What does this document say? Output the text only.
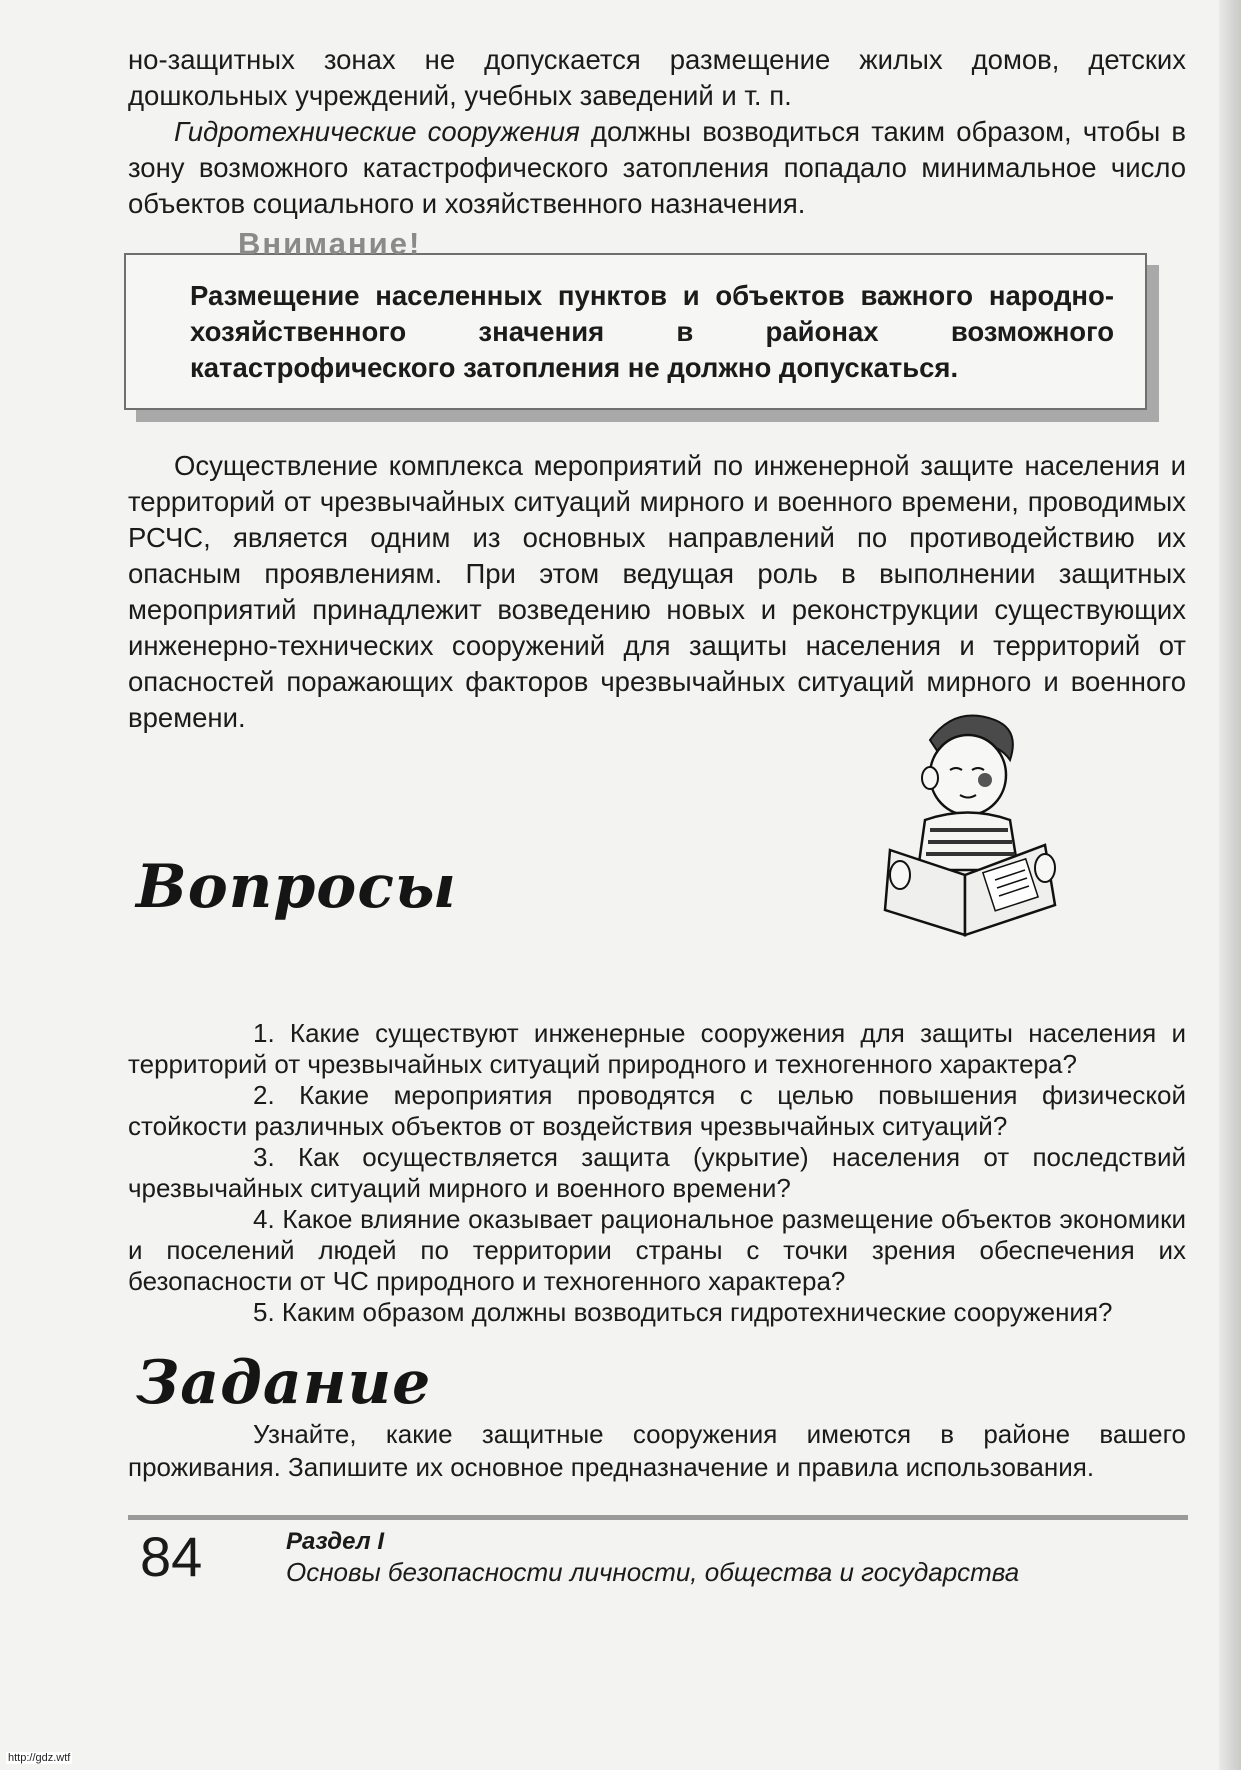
но-защитных зонах не допускается размещение жилых домов, детских дошкольных учреждений, учебных заведений и т. п.

Гидротехнические сооружения должны возводиться таким образом, чтобы в зону возможного катастрофического затопления попадало минимальное число объектов социального и хозяйственного назначения.

Внимание!

Размещение населенных пунктов и объектов важного народно-хозяйственного значения в районах возможного катастрофического затопления не должно допускаться.

Осуществление комплекса мероприятий по инженерной защите населения и территорий от чрезвычайных ситуаций мирного и военного времени, проводимых РСЧС, является одним из основных направлений по противодействию их опасным проявлениям. При этом ведущая роль в выполнении защитных мероприятий принадлежит возведению новых и реконструкции существующих инженерно-технических сооружений для защиты населения и территорий от опасностей поражающих факторов чрезвычайных ситуаций мирного и военного времени.

Вопросы
1. Какие существуют инженерные сооружения для защиты населения и территорий от чрезвычайных ситуаций природного и техногенного характера?
2. Какие мероприятия проводятся с целью повышения физической стойкости различных объектов от воздействия чрезвычайных ситуаций?
3. Как осуществляется защита (укрытие) населения от последствий чрезвычайных ситуаций мирного и военного времени?
4. Какое влияние оказывает рациональное размещение объектов экономики и поселений людей по территории страны с точки зрения обеспечения их безопасности от ЧС природного и техногенного характера?
5. Каким образом должны возводиться гидротехнические сооружения?
Задание

Узнайте, какие защитные сооружения имеются в районе вашего проживания. Запишите их основное предназначение и правила использования.

84	Раздел I

Основы безопасности личности, общества и государства

http://gdz.wtf
